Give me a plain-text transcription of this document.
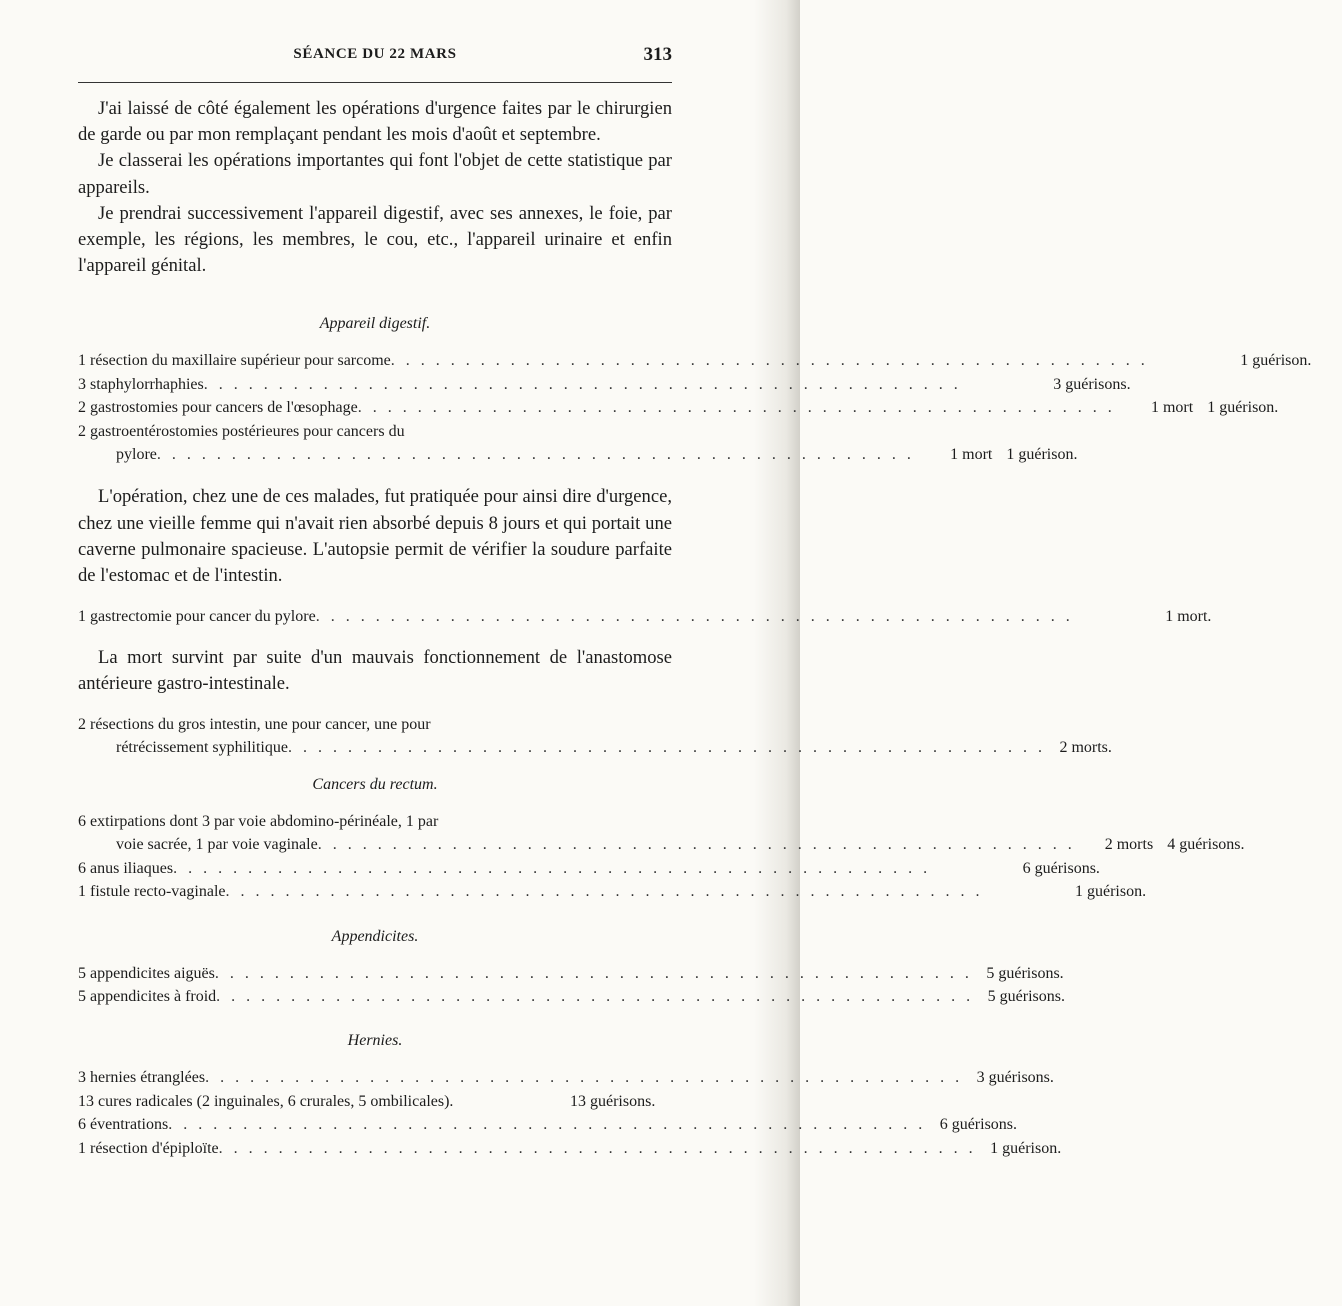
SÉANCE DU 22 MARS	313

J'ai laissé de côté également les opérations d'urgence faites par le chirurgien de garde ou par mon remplaçant pendant les mois d'août et septembre.

Je classerai les opérations importantes qui font l'objet de cette statistique par appareils.

Je prendrai successivement l'appareil digestif, avec ses annexes, le foie, par exemple, les régions, les membres, le cou, etc., l'appareil urinaire et enfin l'appareil génital.

Appareil digestif.
1 résection du maxillaire supérieur pour sarcome . . .	1 guérison.
3 staphylorrhaphies . . .	3 guérisons.
2 gastrostomies pour cancers de l'œsophage . . .	1 mort 1 guérison.
2 gastroentérostomies postérieures pour cancers du
pylore . . .	1 mort 1 guérison.

L'opération, chez une de ces malades, fut pratiquée pour ainsi dire d'urgence, chez une vieille femme qui n'avait rien absorbé depuis 8 jours et qui portait une caverne pulmonaire spacieuse. L'autopsie permit de vérifier la soudure parfaite de l'estomac et de l'intestin.

1 gastrectomie pour cancer du pylore . . .	1 mort.

La mort survint par suite d'un mauvais fonctionnement de l'anastomose antérieure gastro-intestinale.

2 résections du gros intestin, une pour cancer, une pour
rétrécissement syphilitique . . .	2 morts.
Cancers du rectum.
6 extirpations dont 3 par voie abdomino-périnéale, 1 par
voie sacrée, 1 par voie vaginale . . .	2 morts 4 guérisons.
6 anus iliaques . . .	6 guérisons.
1 fistule recto-vaginale . . .	1 guérison.
Appendicites.
5 appendicites aiguës . . .	5 guérisons.
5 appendicites à froid . . .	5 guérisons.
Hernies.
3 hernies étranglées . . .	3 guérisons.
13 cures radicales (2 inguinales, 6 crurales, 5 ombilicales).	13 guérisons.
6 éventrations . . .	6 guérisons.
1 résection d'épiploïte . . .	1 guérison.
